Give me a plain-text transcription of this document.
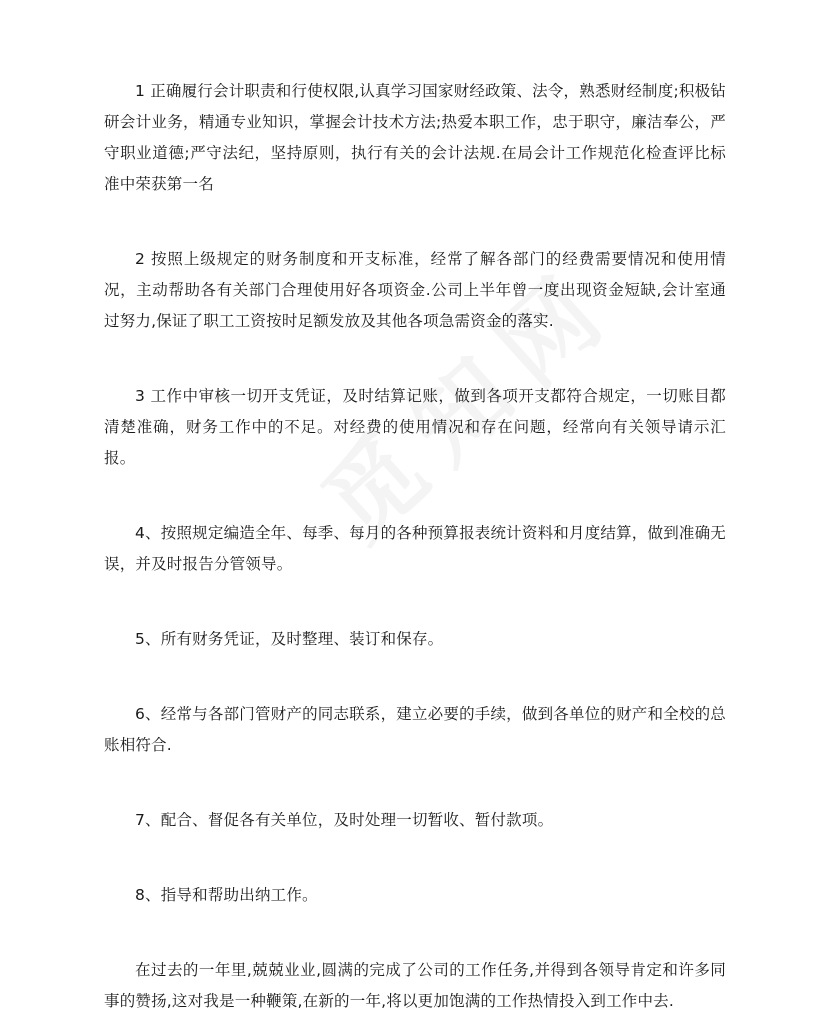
1 正确履行会计职责和行使权限,认真学习国家财经政策、法令，熟悉财经制度;积极钻研会计业务，精通专业知识，掌握会计技术方法;热爱本职工作，忠于职守，廉洁奉公，严守职业道德;严守法纪，坚持原则，执行有关的会计法规.在局会计工作规范化检查评比标准中荣获第一名

2 按照上级规定的财务制度和开支标准，经常了解各部门的经费需要情况和使用情况，主动帮助各有关部门合理使用好各项资金.公司上半年曾一度出现资金短缺,会计室通过努力,保证了职工工资按时足额发放及其他各项急需资金的落实.

3 工作中审核一切开支凭证，及时结算记账，做到各项开支都符合规定，一切账目都清楚准确，财务工作中的不足。对经费的使用情况和存在问题，经常向有关领导请示汇报。

4、按照规定编造全年、每季、每月的各种预算报表统计资料和月度结算，做到准确无误，并及时报告分管领导。

5、所有财务凭证，及时整理、装订和保存。

6、经常与各部门管财产的同志联系，建立必要的手续，做到各单位的财产和全校的总账相符合.

7、配合、督促各有关单位，及时处理一切暂收、暂付款项。

8、指导和帮助出纳工作。

在过去的一年里,兢兢业业,圆满的完成了公司的工作任务,并得到各领导肯定和许多同事的赞扬,这对我是一种鞭策,在新的一年,将以更加饱满的工作热情投入到工作中去.
